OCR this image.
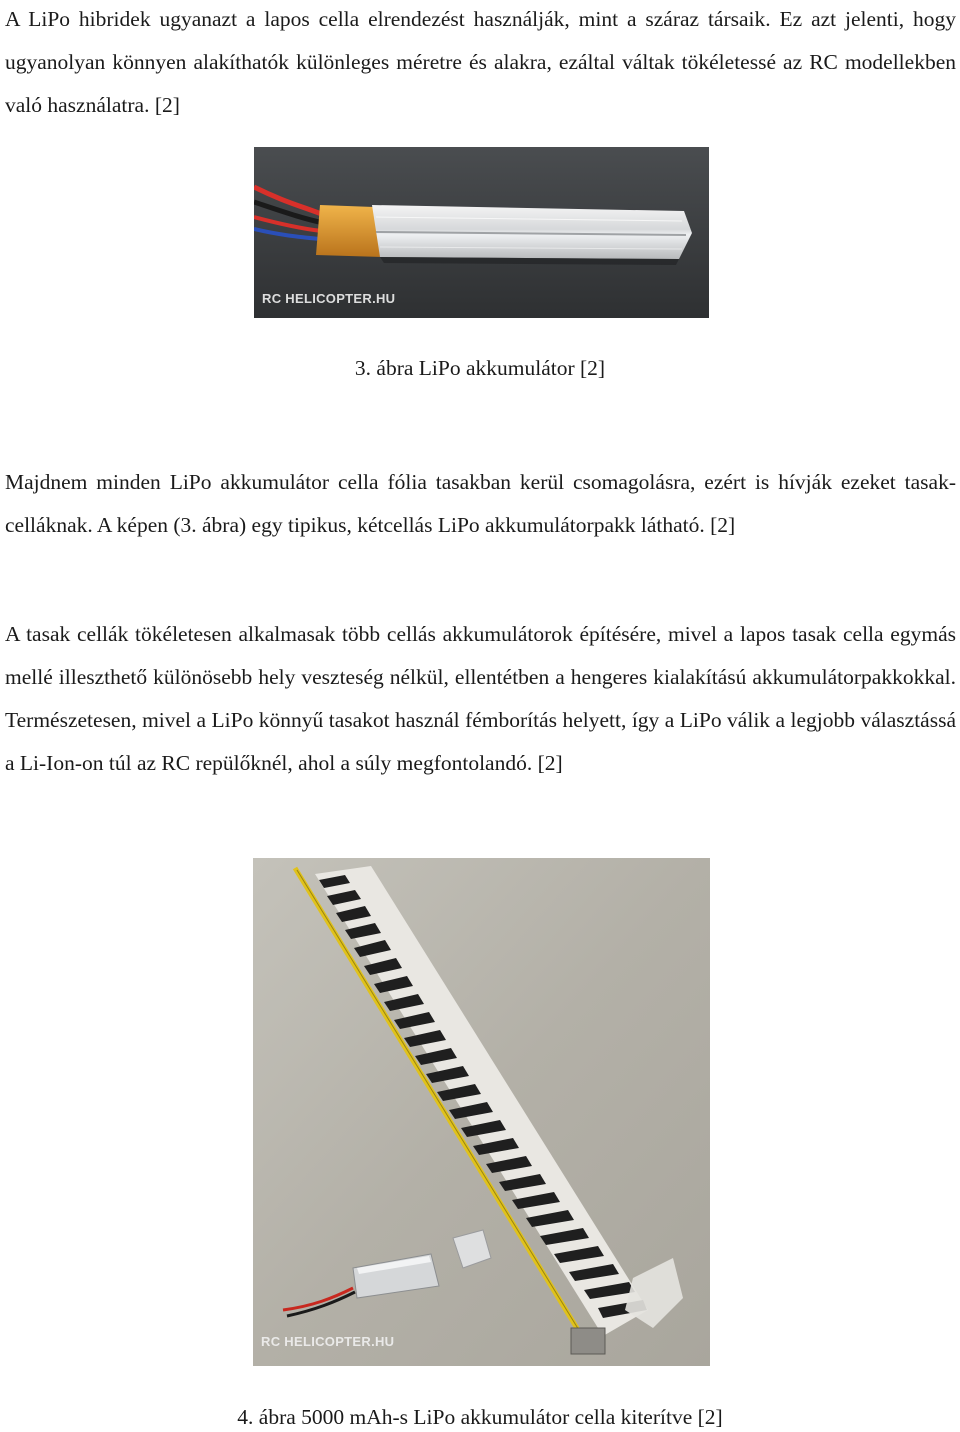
A LiPo hibridek ugyanazt a lapos cella elrendezést használják, mint a száraz társaik. Ez azt jelenti, hogy ugyanolyan könnyen alakíthatók különleges méretre és alakra, ezáltal váltak tökéletessé az RC modellekben való használatra. [2]

RC HELICOPTER.HU

3. ábra LiPo akkumulátor [2]

Majdnem minden LiPo akkumulátor cella fólia tasakban kerül csomagolásra, ezért is hívják ezeket tasak-celláknak. A képen (3. ábra) egy tipikus, kétcellás LiPo akkumulátorpakk látható. [2]

A tasak cellák tökéletesen alkalmasak több cellás akkumulátorok építésére, mivel a lapos tasak cella egymás mellé illeszthető különösebb hely veszteség nélkül, ellentétben a hengeres kialakítású akkumulátorpakkokkal. Természetesen, mivel a LiPo könnyű tasakot használ fémborítás helyett, így a LiPo válik a legjobb választássá a Li-Ion-on túl az RC repülőknél, ahol a súly megfontolandó. [2]

RC HELICOPTER.HU

4. ábra 5000 mAh-s LiPo akkumulátor cella kiterítve [2]
